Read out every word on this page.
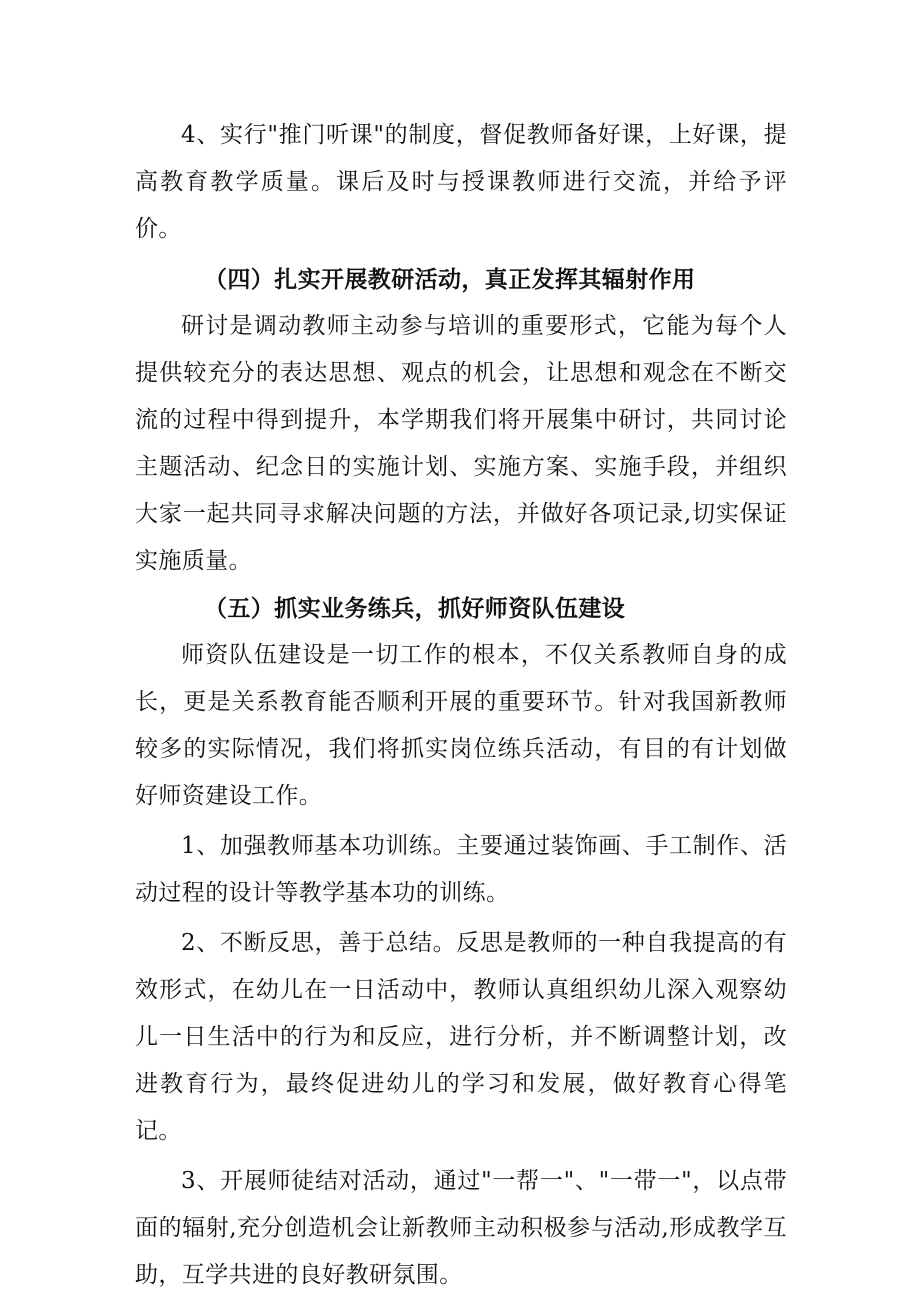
4、实行"推门听课"的制度，督促教师备好课，上好课，提高教育教学质量。课后及时与授课教师进行交流，并给予评价。

（四）扎实开展教研活动，真正发挥其辐射作用

研讨是调动教师主动参与培训的重要形式，它能为每个人提供较充分的表达思想、观点的机会，让思想和观念在不断交流的过程中得到提升，本学期我们将开展集中研讨，共同讨论主题活动、纪念日的实施计划、实施方案、实施手段，并组织大家一起共同寻求解决问题的方法，并做好各项记录,切实保证实施质量。

（五）抓实业务练兵，抓好师资队伍建设

师资队伍建设是一切工作的根本，不仅关系教师自身的成长，更是关系教育能否顺利开展的重要环节。针对我国新教师较多的实际情况，我们将抓实岗位练兵活动，有目的有计划做好师资建设工作。

1、加强教师基本功训练。主要通过装饰画、手工制作、活动过程的设计等教学基本功的训练。

2、不断反思，善于总结。反思是教师的一种自我提高的有效形式，在幼儿在一日活动中，教师认真组织幼儿深入观察幼儿一日生活中的行为和反应，进行分析，并不断调整计划，改进教育行为，最终促进幼儿的学习和发展，做好教育心得笔记。

3、开展师徒结对活动，通过"一帮一"、"一带一"，以点带面的辐射,充分创造机会让新教师主动积极参与活动,形成教学互助，互学共进的良好教研氛围。
